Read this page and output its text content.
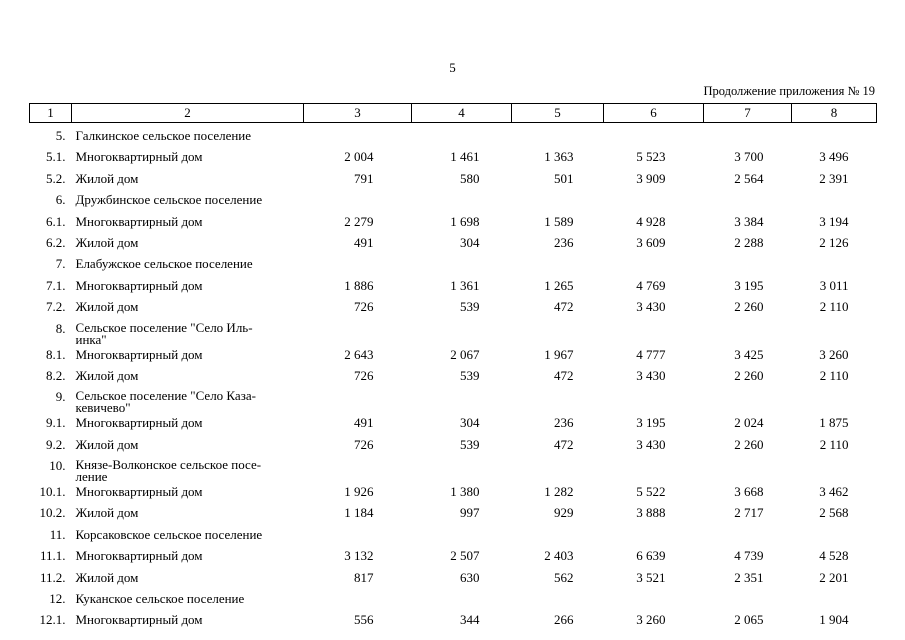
5
Продолжение приложения № 19
1	2	3	4	5	6	7	8
5.	Галкинское сельское поселение						
5.1.	Многоквартирный дом	2 004	1 461	1 363	5 523	3 700	3 496
5.2.	Жилой дом	791	580	501	3 909	2 564	2 391
6.	Дружбинское сельское поселение						
6.1.	Многоквартирный дом	2 279	1 698	1 589	4 928	3 384	3 194
6.2.	Жилой дом	491	304	236	3 609	2 288	2 126
7.	Елабужское сельское поселение						
7.1.	Многоквартирный дом	1 886	1 361	1 265	4 769	3 195	3 011
7.2.	Жилой дом	726	539	472	3 430	2 260	2 110
8.	Сельское поселение "Село Иль-
инка"						
8.1.	Многоквартирный дом	2 643	2 067	1 967	4 777	3 425	3 260
8.2.	Жилой дом	726	539	472	3 430	2 260	2 110
9.	Сельское поселение "Село Каза-
кевичево"						
9.1.	Многоквартирный дом	491	304	236	3 195	2 024	1 875
9.2.	Жилой дом	726	539	472	3 430	2 260	2 110
10.	Князе-Волконское сельское посе-
ление						
10.1.	Многоквартирный дом	1 926	1 380	1 282	5 522	3 668	3 462
10.2.	Жилой дом	1 184	997	929	3 888	2 717	2 568
11.	Корсаковское сельское поселение						
11.1.	Многоквартирный дом	3 132	2 507	2 403	6 639	4 739	4 528
11.2.	Жилой дом	817	630	562	3 521	2 351	2 201
12.	Куканское сельское поселение						
12.1.	Многоквартирный дом	556	344	266	3 260	2 065	1 904
